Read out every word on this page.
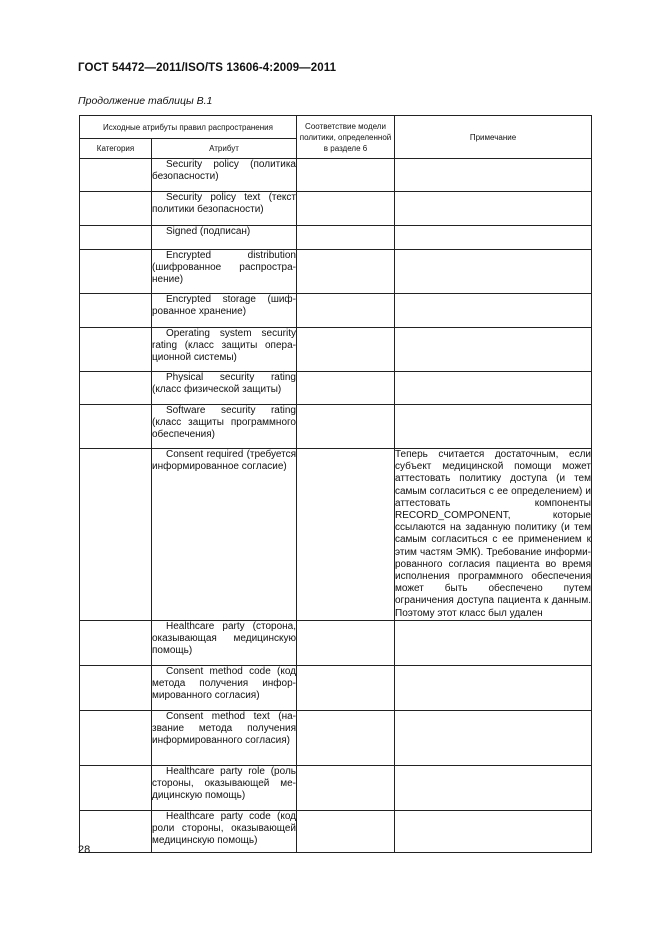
ГОСТ 54472—2011/ISO/TS 13606-4:2009—2011
Продолжение таблицы В.1
Исходные атрибуты правил распространения		Соответствие модели политики, определенной в разделе 6	Примечание
Категория	Атрибут		
	Security policy (политика безопасности)		
	Security policy text (текст политики безопасности)		
	Signed (подписан)		
	Encrypted distribution (шифрованное распространение)		
	Encrypted storage (шифрованное хранение)		
	Operating system security rating (класс защиты операционной системы)		
	Physical security rating (класс физической защиты)		
	Software security rating (класс защиты программного обеспечения)		
	Consent required (требуется информированное согласие)		Теперь считается достаточным, если субъект медицинской помощи может аттестовать политику доступа (и тем самым согласиться с ее определением) и аттестовать компоненты RECORD_COMPONENT, которые ссылаются на заданную политику (и тем самым согласиться с ее применением к этим частям ЭМК). Требование информированного согласия пациента во время исполнения программного обеспечения может быть обеспечено путем ограничения доступа пациента к данным. Поэтому этот класс был удален
	Healthcare party (сторона, оказывающая медицинскую помощь)		
	Consent method code (код метода получения информированного согласия)		
	Consent method text (название метода получения информированного согласия)		
	Healthcare party role (роль стороны, оказывающей медицинскую помощь)		
	Healthcare party code (код роли стороны, оказывающей медицинскую помощь)		
28
